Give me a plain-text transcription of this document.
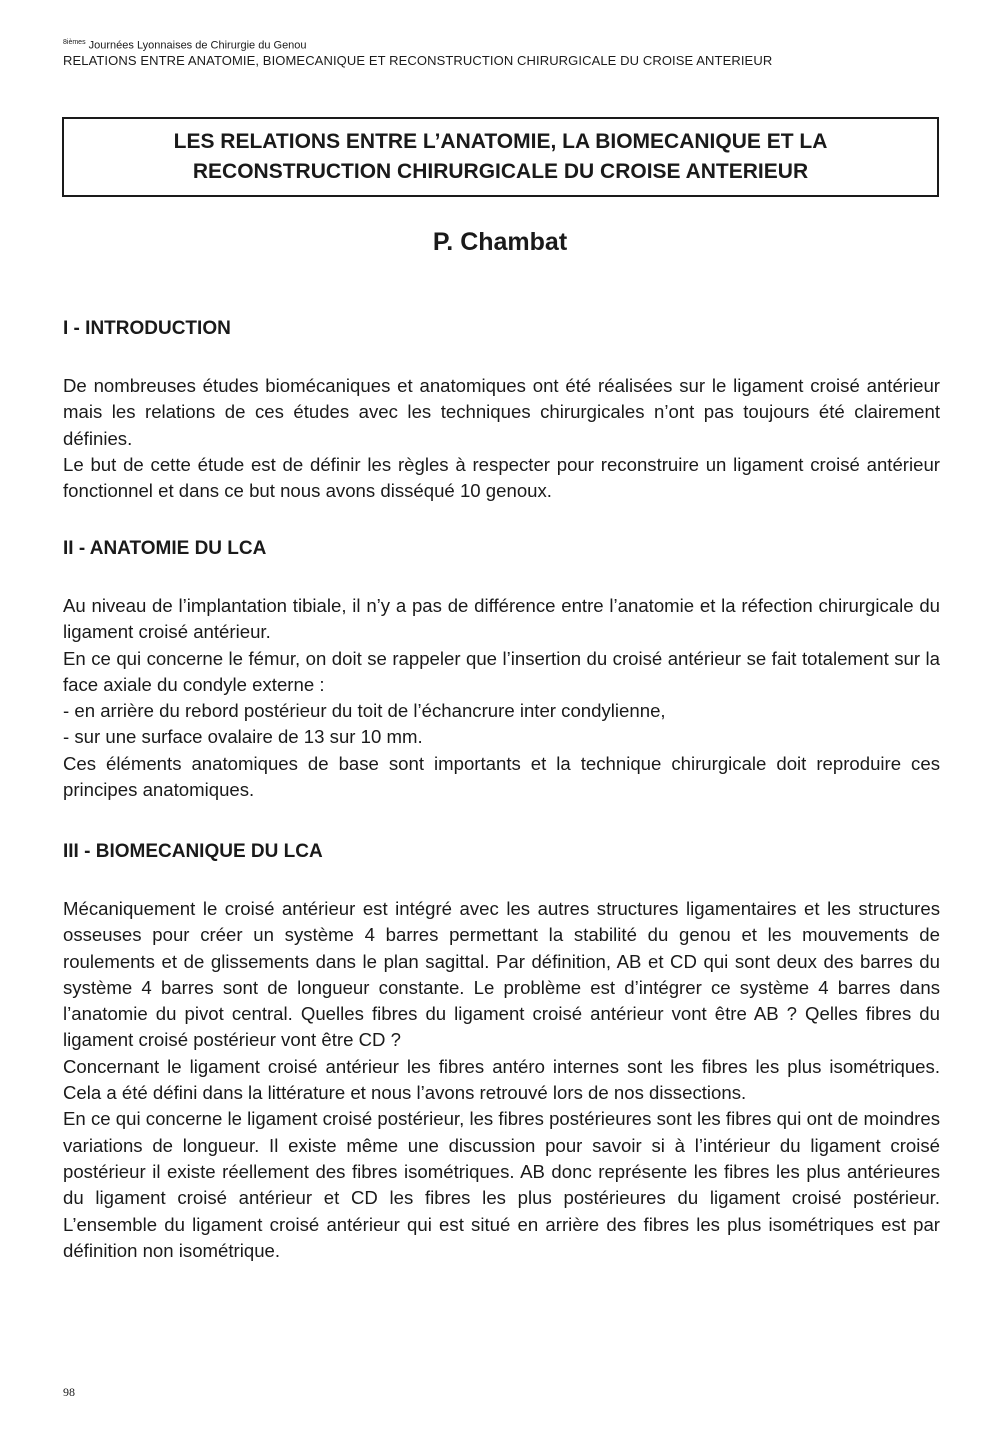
$^{8ièmes}$ Journées Lyonnaises de Chirurgie du Genou
RELATIONS ENTRE ANATOMIE, BIOMECANIQUE ET RECONSTRUCTION CHIRURGICALE DU CROISE ANTERIEUR
LES RELATIONS ENTRE L’ANATOMIE, LA BIOMECANIQUE ET LA
RECONSTRUCTION CHIRURGICALE DU CROISE ANTERIEUR
P. Chambat
I - INTRODUCTION

De nombreuses études biomécaniques et anatomiques ont été réalisées sur le ligament croisé antérieur mais les relations de ces études avec les techniques chirurgicales n’ont pas toujours été clairement définies.

Le but de cette étude est de définir les règles à respecter pour reconstruire un ligament croisé antérieur fonctionnel et dans ce but nous avons disséqué 10 genoux.

II - ANATOMIE DU LCA

Au niveau de l’implantation tibiale, il n’y a pas de différence entre l’anatomie et la réfection chirurgicale du ligament croisé antérieur.

En ce qui concerne le fémur, on doit se rappeler que l’insertion du croisé antérieur se fait totalement sur la face axiale du condyle externe :

- en arrière du rebord postérieur du toit de l’échancrure inter condylienne,

- sur une surface ovalaire de 13 sur 10 mm.

Ces éléments anatomiques de base sont importants et la technique chirurgicale doit reproduire ces principes anatomiques.

III - BIOMECANIQUE DU LCA

Mécaniquement le croisé antérieur est intégré avec les autres structures ligamentaires et les structures osseuses pour créer un système 4 barres permettant la stabilité du genou et les mouvements de roulements et de glissements dans le plan sagittal. Par définition, AB et CD qui sont deux des barres du système 4 barres sont de longueur constante. Le problème est d’intégrer ce système 4 barres dans l’anatomie du pivot central. Quelles fibres du ligament croisé antérieur vont être AB ? Qelles fibres du ligament croisé postérieur vont être CD ?

Concernant le ligament croisé antérieur les fibres antéro internes sont les fibres les plus isométriques. Cela a été défini dans la littérature et nous l’avons retrouvé lors de nos dissections.

En ce qui concerne le ligament croisé postérieur, les fibres postérieures sont les fibres qui ont de moindres variations de longueur. Il existe même une discussion pour savoir si à l’intérieur du ligament croisé postérieur il existe réellement des fibres isométriques. AB donc représente les fibres les plus antérieures du ligament croisé antérieur et CD les fibres les plus postérieures du ligament croisé postérieur. L’ensemble du ligament croisé antérieur qui est situé en arrière des fibres les plus isométriques est par définition non isométrique.

98
